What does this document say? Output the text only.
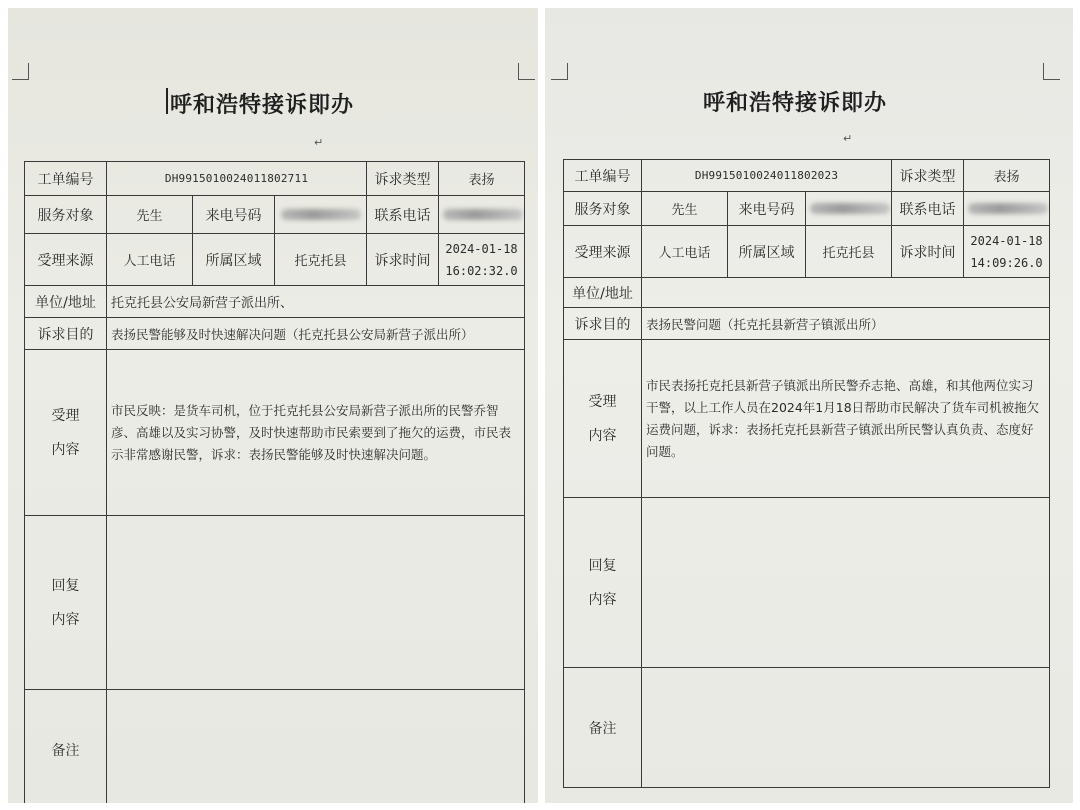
呼和浩特接诉即办
↵
工单编号	DH9915010024011802711			诉求类型	表扬
服务对象	先生	来电号码		联系电话	
受理来源	人工电话	所属区域	托克托县	诉求时间	2024-01-18
16:02:32.0

单位/地址	托克托县公安局新营子派出所、				
诉求目的	表扬民警能够及时快速解决问题（托克托县公安局新营子派出所）				

受理
内容	市民反映：是货车司机，位于托克托县公安局新营子派出所的民警乔智彦、高雄以及实习协警，及时快速帮助市民索要到了拖欠的运费，市民表示非常感谢民警，诉求：表扬民警能够及时快速解决问题。				

回复
内容					

备注					
呼和浩特接诉即办
↵
工单编号	DH9915010024011802023			诉求类型	表扬
服务对象	先生	来电号码		联系电话	
受理来源	人工电话	所属区域	托克托县	诉求时间	2024-01-18
14:09:26.0

单位/地址					
诉求目的	表扬民警问题（托克托县新营子镇派出所）				

受理
内容	市民表扬托克托县新营子镇派出所民警乔志艳、高雄，和其他两位实习干警，以上工作人员在2024年1月18日帮助市民解决了货车司机被拖欠运费问题，诉求：表扬托克托县新营子镇派出所民警认真负责、态度好问题。				

回复
内容					

备注					
